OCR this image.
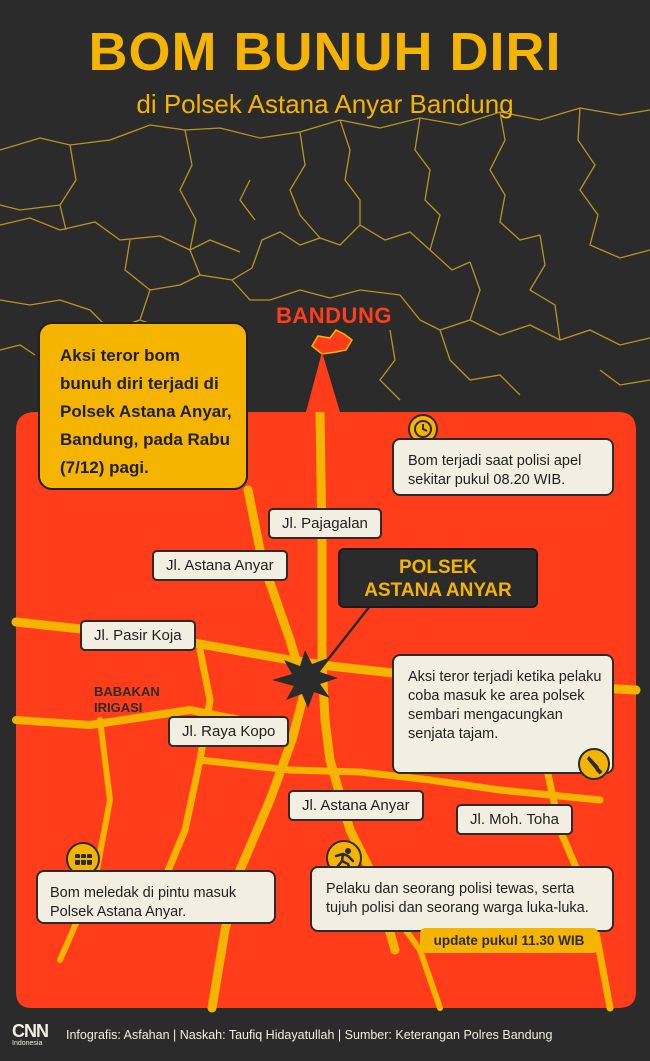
BOM BUNUH DIRI
di Polsek Astana Anyar Bandung
BANDUNG
Aksi teror bom bunuh diri terjadi di Polsek Astana Anyar, Bandung, pada Rabu (7/12) pagi.	Bom terjadi saat polisi apel sekitar pukul 08.20 WIB.
Jl. Pajagalan
Jl. Astana Anyar
Jl. Pasir Koja
Jl. Raya Kopo
Jl. Astana Anyar
Jl. Moh. Toha
POLSEK
ASTANA ANYAR
BABAKAN
IRIGASI
Aksi teror terjadi ketika pelaku coba masuk ke area polsek sembari mengacungkan senjata tajam.
Bom meledak di pintu masuk Polsek Astana Anyar.
Pelaku dan seorang polisi tewas, serta tujuh polisi dan seorang warga luka-luka.
update pukul 11.30 WIB
CNN
Indonesia
Infografis: Asfahan | Naskah: Taufiq Hidayatullah | Sumber: Keterangan Polres Bandung
